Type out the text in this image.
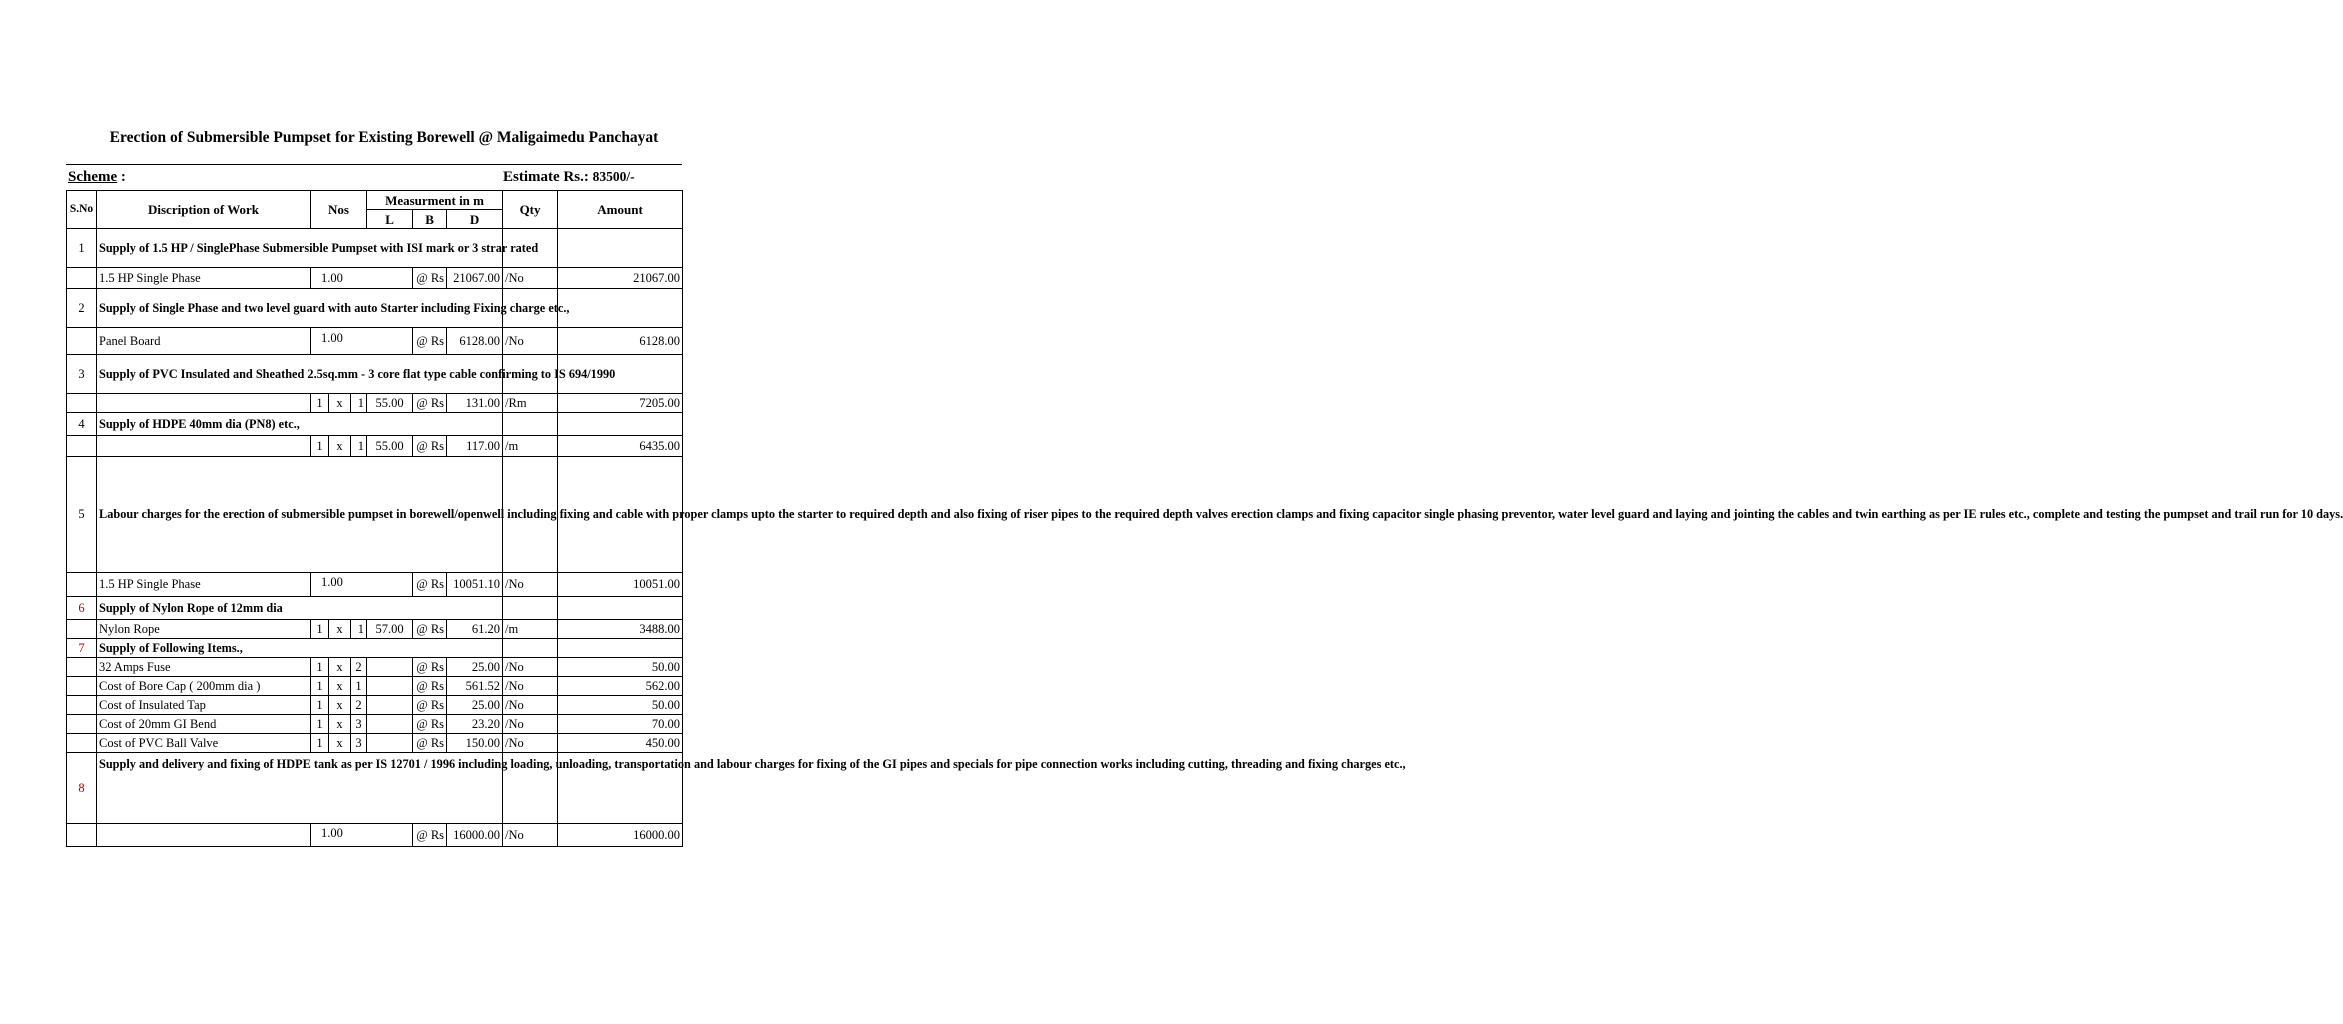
Erection of Submersible Pumpset for Existing Borewell @ Maligaimedu Panchayat
Scheme :	Estimate Rs.: 83500/-
S.No	Discription of Work	Nos			Measurment in m			Qty	Amount
					L	B	D		
1	Supply of 1.5 HP / SinglePhase Submersible Pumpset with ISI mark or 3 strar rated								
	1.5 HP Single Phase	1.00				@ Rs	21067.00	/No	21067.00
2	Supply of Single Phase and two level guard with auto Starter including Fixing charge etc.,								
	Panel Board	1.00				@ Rs	6128.00	/No	6128.00
3	Supply of PVC Insulated and Sheathed 2.5sq.mm - 3 core flat type cable confirming to IS 694/1990								
		1	x	1	55.00	@ Rs	131.00	/Rm	7205.00
4	Supply of HDPE 40mm dia (PN8) etc.,								
		1	x	1	55.00	@ Rs	117.00	/m	6435.00
5	Labour charges for the erection of submersible pumpset in borewell/openwell including fixing and cable with proper clamps upto the starter to required depth and also fixing of riser pipes to the required depth valves erection clamps and fixing capacitor single phasing preventor, water level guard and laying and jointing the cables and twin earthing as per IE rules etc., complete and testing the pumpset and trail run for 10 days.								
	1.5 HP Single Phase	1.00				@ Rs	10051.10	/No	10051.00
6	Supply of Nylon Rope of 12mm dia								
	Nylon Rope	1	x	1	57.00	@ Rs	61.20	/m	3488.00
7	Supply of Following Items.,								
	32 Amps Fuse	1	x	2		@ Rs	25.00	/No	50.00
	Cost of Bore Cap ( 200mm dia )	1	x	1		@ Rs	561.52	/No	562.00
	Cost of Insulated Tap	1	x	2		@ Rs	25.00	/No	50.00
	Cost of 20mm GI Bend	1	x	3		@ Rs	23.20	/No	70.00
	Cost of PVC Ball Valve	1	x	3		@ Rs	150.00	/No	450.00
8	Supply and delivery and fixing of HDPE tank as per IS 12701 / 1996 including loading, unloading, transportation and labour charges for fixing of the GI pipes and specials for pipe connection works including cutting, threading and fixing charges etc.,								
		1.00				@ Rs	16000.00	/No	16000.00
